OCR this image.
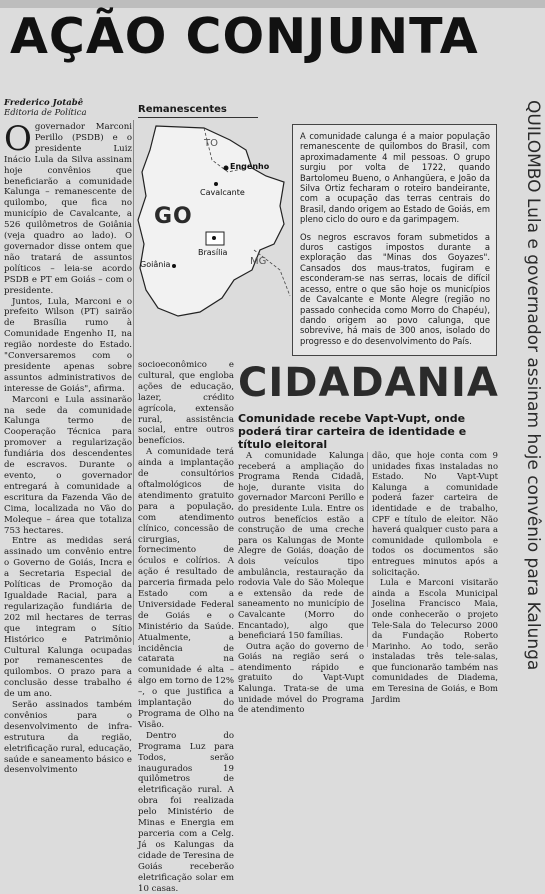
AÇÃO CONJUNTA
Frederico Jotabê
Editoria de Política	Remanescentes
O governador Marconi Perillo (PSDB) e o presidente Luiz Inácio Lula da Silva assinam hoje convênios que beneficiarão a comunidade Kalunga – remanescente de quilombo, que fica no município de Cavalcante, a 526 quilômetros de Goiânia (veja quadro ao lado). O governador disse ontem que não tratará de assuntos políticos – leia-se acordo PSDB e PT em Goiás – com o presidente.

Juntos, Lula, Marconi e o prefeito Wilson (PT) sairão de Brasília rumo à Comunidade Engenho II, na região nordeste do Estado. "Conversaremos com o presidente apenas sobre assuntos administrativos de interesse de Goiás", afirma.

Marconi e Lula assinarão na sede da comunidade Kalunga termo de Cooperação Técnica para promover a regularização fundiária dos descendentes de escravos. Durante o evento, o governador entregará à comunidade a escritura da Fazenda Vão de Cima, localizada no Vão do Moleque – área que totaliza 753 hectares.

Entre as medidas será assinado um convênio entre o Governo de Goiás, Incra e a Secretaria Especial de Políticas de Promoção da Igualdade Racial, para a regularização fundiária de 202 mil hectares de terras que integram o Sítio Histórico e Patrimônio Cultural Kalunga ocupadas por remanescentes de quilombos. O prazo para a conclusão desse trabalho é de um ano.

Serão assinados também convênios para o desenvolvimento de infra-estrutura da região, eletrificação rural, educação, saúde e saneamento básico e desenvolvimento

TO
GO
MG
Engenho
Cavalcante
Brasília
Goiânia

A comunidade calunga é a maior população remanescente de quilombos do Brasil, com aproximadamente 4 mil pessoas. O grupo surgiu por volta de 1722, quando Bartolomeu Bueno, o Anhangüera, e João da Silva Ortiz fecharam o roteiro bandeirante, com a ocupação das terras centrais do Brasil, dando origem ao Estado de Goiás, em pleno ciclo do ouro e da garimpagem.

Os negros escravos foram submetidos a duros castigos impostos durante a exploração das "Minas dos Goyazes". Cansados dos maus-tratos, fugiram e esconderam-se nas serras, locais de difícil acesso, entre o que são hoje os municípios de Cavalcante e Monte Alegre (região no passado conhecida como Morro do Chapéu), dando origem ao povo calunga, que sobrevive, há mais de 300 anos, isolado do progresso e do desenvolvimento do País.	QUILOMBO Lula e governador assinam hoje convênio para Kalunga

socioeconômico e cultural, que engloba ações de educação, lazer, crédito agrícola, extensão rural, assistência social, entre outros benefícios.

A comunidade terá ainda a implantação de consultórios oftalmológicos de atendimento gratuito para a população, com atendimento clínico, concessão de cirurgias, fornecimento de óculos e colírios. A ação é resultado de parceria firmada pelo Estado com a Universidade Federal de Goiás e o Ministério da Saúde. Atualmente, a incidência de catarata na comunidade é alta – algo em torno de 12% –, o que justifica a implantação do Programa de Olho na Visão.

Dentro do Programa Luz para Todos, serão inaugurados 19 quilômetros de eletrificação rural. A obra foi realizada pelo Ministério de Minas e Energia em parceria com a Celg. Já os Kalungas da cidade de Teresina de Goiás receberão eletrificação solar em 10 casas.

CIDADANIA
Comunidade recebe Vapt-Vupt, onde poderá tirar carteira de identidade e título eleitoral

A comunidade Kalunga receberá a ampliação do Programa Renda Cidadã, hoje, durante visita do governador Marconi Perillo e do presidente Lula. Entre os outros benefícios estão a construção de uma creche para os Kalungas de Monte Alegre de Goiás, doação de dois veículos tipo ambulância, restauração da rodovia Vale do São Moleque e extensão da rede de saneamento no município de Cavalcante (Morro do Encantado), algo que beneficiará 150 famílias.

Outra ação do governo de Goiás na região será o atendimento rápido e gratuito do Vapt-Vupt Kalunga. Trata-se de uma unidade móvel do Programa de atendimento

dão, que hoje conta com 9 unidades fixas instaladas no Estado. No Vapt-Vupt Kalunga a comunidade poderá fazer carteira de identidade e de trabalho, CPF e título de eleitor. Não haverá qualquer custo para a comunidade quilombola e todos os documentos são entregues minutos após a solicitação.

Lula e Marconi visitarão ainda a Escola Municipal Joselina Francisco Maia, onde conhecerão o projeto Tele-Sala do Telecurso 2000 da Fundação Roberto Marinho. Ao todo, serão instaladas três tele-salas, que funcionarão também nas comunidades de Diadema, em Teresina de Goiás, e Bom Jardim
